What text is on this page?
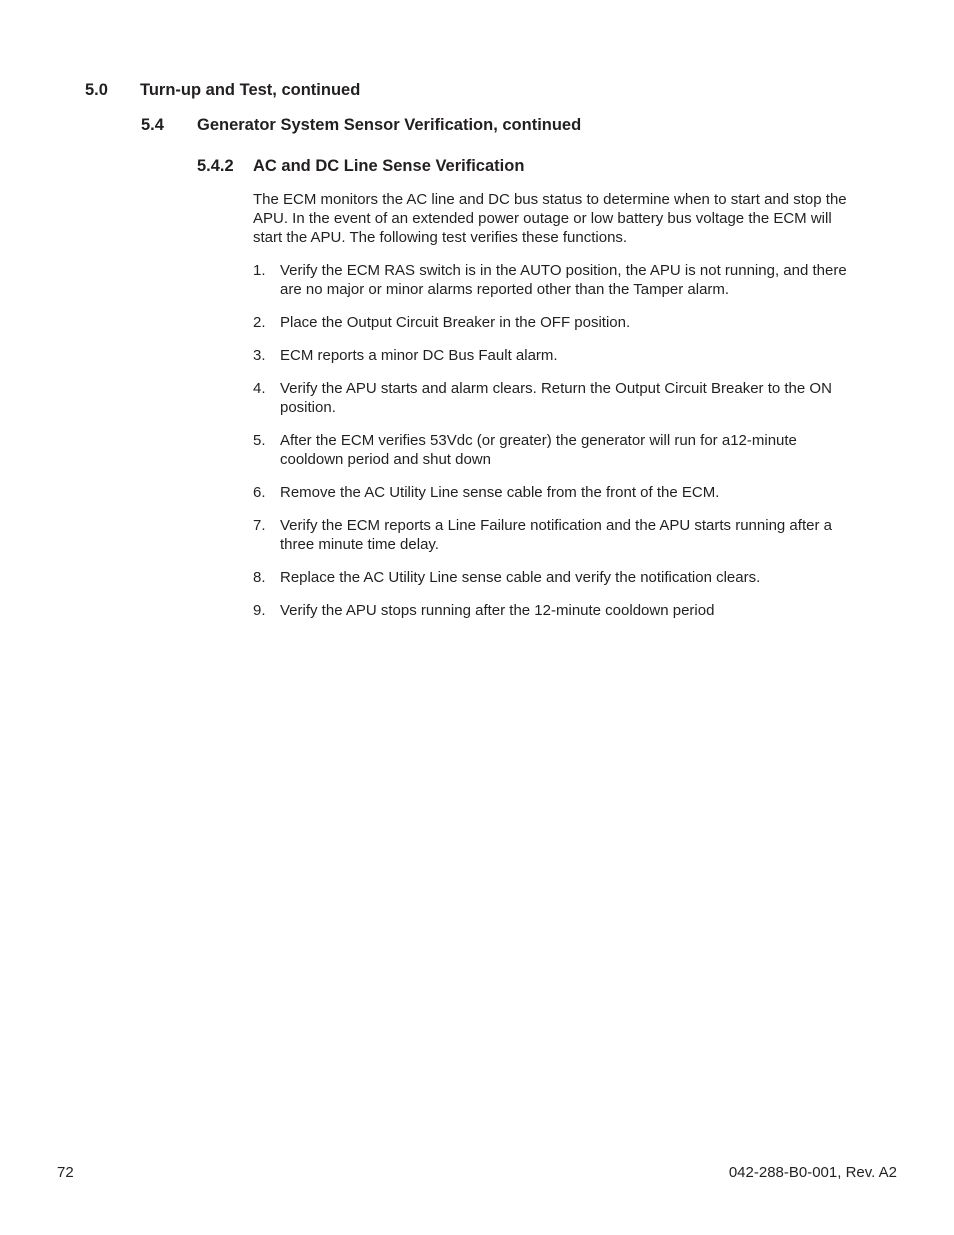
5.0 Turn-up and Test, continued
5.4 Generator System Sensor Verification, continued
5.4.2 AC and DC Line Sense Verification

The ECM monitors the AC line and DC bus status to determine when to start and stop the APU. In the event of an extended power outage or low battery bus voltage the ECM will start the APU. The following test verifies these functions.

1. Verify the ECM RAS switch is in the AUTO position, the APU is not running, and there are no major or minor alarms reported other than the Tamper alarm.
2. Place the Output Circuit Breaker in the OFF position.
3. ECM reports a minor DC Bus Fault alarm.
4. Verify the APU starts and alarm clears. Return the Output Circuit Breaker to the ON position.
5. After the ECM verifies 53Vdc (or greater) the generator will run for a12-minute cooldown period and shut down
6. Remove the AC Utility Line sense cable from the front of the ECM.
7. Verify the ECM reports a Line Failure notification and the APU starts running after a three minute time delay.
8. Replace the AC Utility Line sense cable and verify the notification clears.
9. Verify the APU stops running after the 12-minute cooldown period
72	042-288-B0-001, Rev. A2
